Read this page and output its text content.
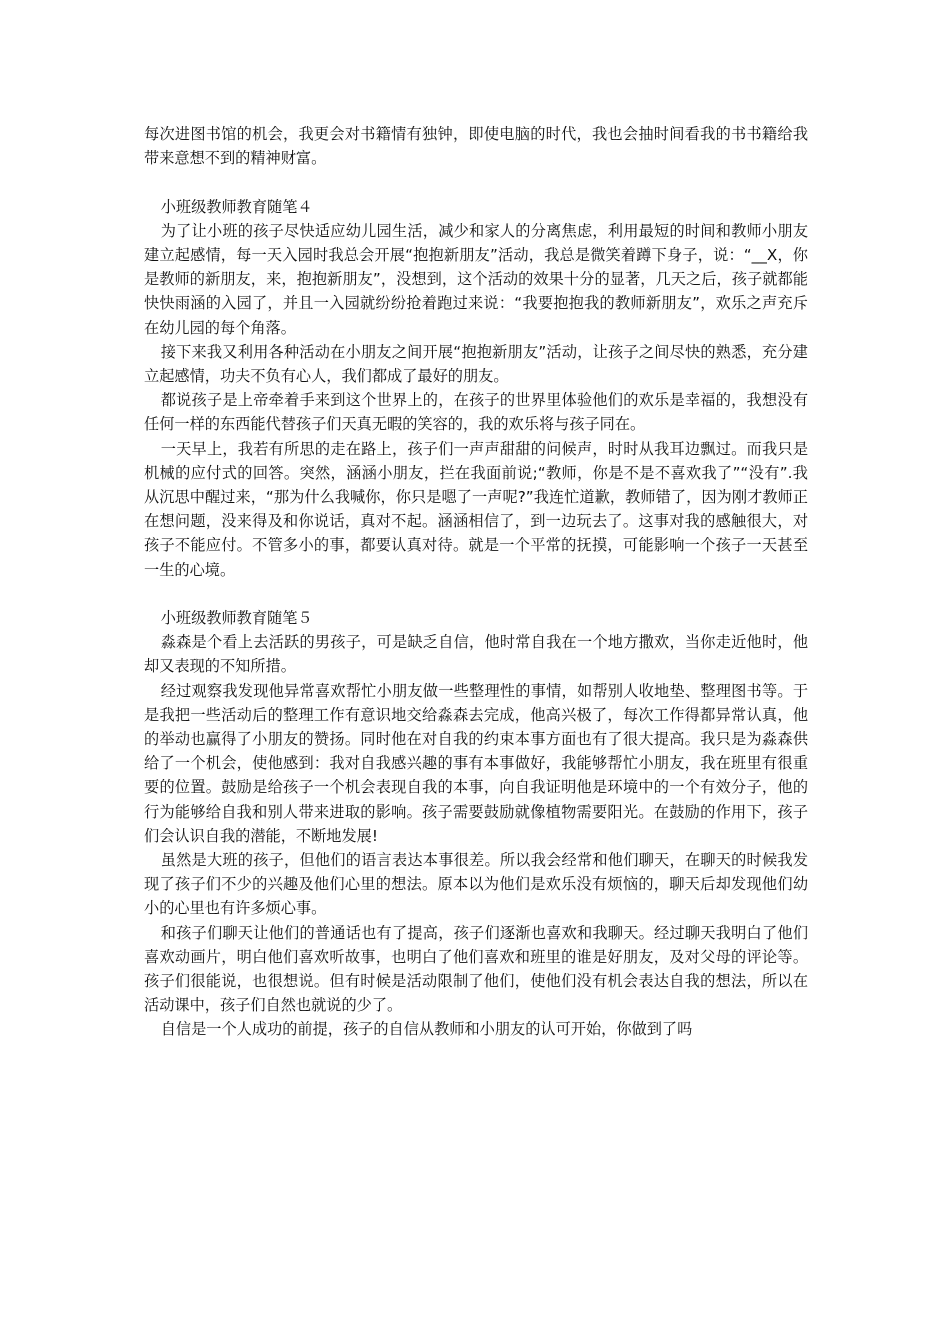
每次进图书馆的机会，我更会对书籍情有独钟，即使电脑的时代，我也会抽时间看我的书书籍给我带来意想不到的精神财富。

小班级教师教育随笔４

为了让小班的孩子尽快适应幼儿园生活，减少和家人的分离焦虑，利用最短的时间和教师小朋友建立起感情，每一天入园时我总会开展“抱抱新朋友”活动，我总是微笑着蹲下身子，说：“__X，你是教师的新朋友，来，抱抱新朋友”，没想到，这个活动的效果十分的显著，几天之后，孩子就都能快快雨涵的入园了，并且一入园就纷纷抢着跑过来说：“我要抱抱我的教师新朋友”，欢乐之声充斥在幼儿园的每个角落。

接下来我又利用各种活动在小朋友之间开展“抱抱新朋友”活动，让孩子之间尽快的熟悉，充分建立起感情，功夫不负有心人，我们都成了最好的朋友。

都说孩子是上帝牵着手来到这个世界上的，在孩子的世界里体验他们的欢乐是幸福的，我想没有任何一样的东西能代替孩子们天真无暇的笑容的，我的欢乐将与孩子同在。

一天早上，我若有所思的走在路上，孩子们一声声甜甜的问候声，时时从我耳边飘过。而我只是机械的应付式的回答。突然，涵涵小朋友，拦在我面前说;“教师，你是不是不喜欢我了”“没有”.我从沉思中醒过来，“那为什么我喊你，你只是嗯了一声呢?”我连忙道歉，教师错了，因为刚才教师正在想问题，没来得及和你说话，真对不起。涵涵相信了，到一边玩去了。这事对我的感触很大，对孩子不能应付。不管多小的事，都要认真对待。就是一个平常的抚摸，可能影响一个孩子一天甚至一生的心境。

小班级教师教育随笔５

淼森是个看上去活跃的男孩子，可是缺乏自信，他时常自我在一个地方撒欢，当你走近他时，他却又表现的不知所措。

经过观察我发现他异常喜欢帮忙小朋友做一些整理性的事情，如帮别人收地垫、整理图书等。于是我把一些活动后的整理工作有意识地交给淼森去完成，他高兴极了，每次工作得都异常认真，他的举动也赢得了小朋友的赞扬。同时他在对自我的约束本事方面也有了很大提高。我只是为淼森供给了一个机会，使他感到：我对自我感兴趣的事有本事做好，我能够帮忙小朋友，我在班里有很重要的位置。鼓励是给孩子一个机会表现自我的本事，向自我证明他是环境中的一个有效分子，他的行为能够给自我和别人带来进取的影响。孩子需要鼓励就像植物需要阳光。在鼓励的作用下，孩子们会认识自我的潜能，不断地发展!

虽然是大班的孩子，但他们的语言表达本事很差。所以我会经常和他们聊天，在聊天的时候我发现了孩子们不少的兴趣及他们心里的想法。原本以为他们是欢乐没有烦恼的，聊天后却发现他们幼小的心里也有许多烦心事。

和孩子们聊天让他们的普通话也有了提高，孩子们逐渐也喜欢和我聊天。经过聊天我明白了他们喜欢动画片，明白他们喜欢听故事，也明白了他们喜欢和班里的谁是好朋友，及对父母的评论等。孩子们很能说，也很想说。但有时候是活动限制了他们，使他们没有机会表达自我的想法，所以在活动课中，孩子们自然也就说的少了。

自信是一个人成功的前提，孩子的自信从教师和小朋友的认可开始，你做到了吗
